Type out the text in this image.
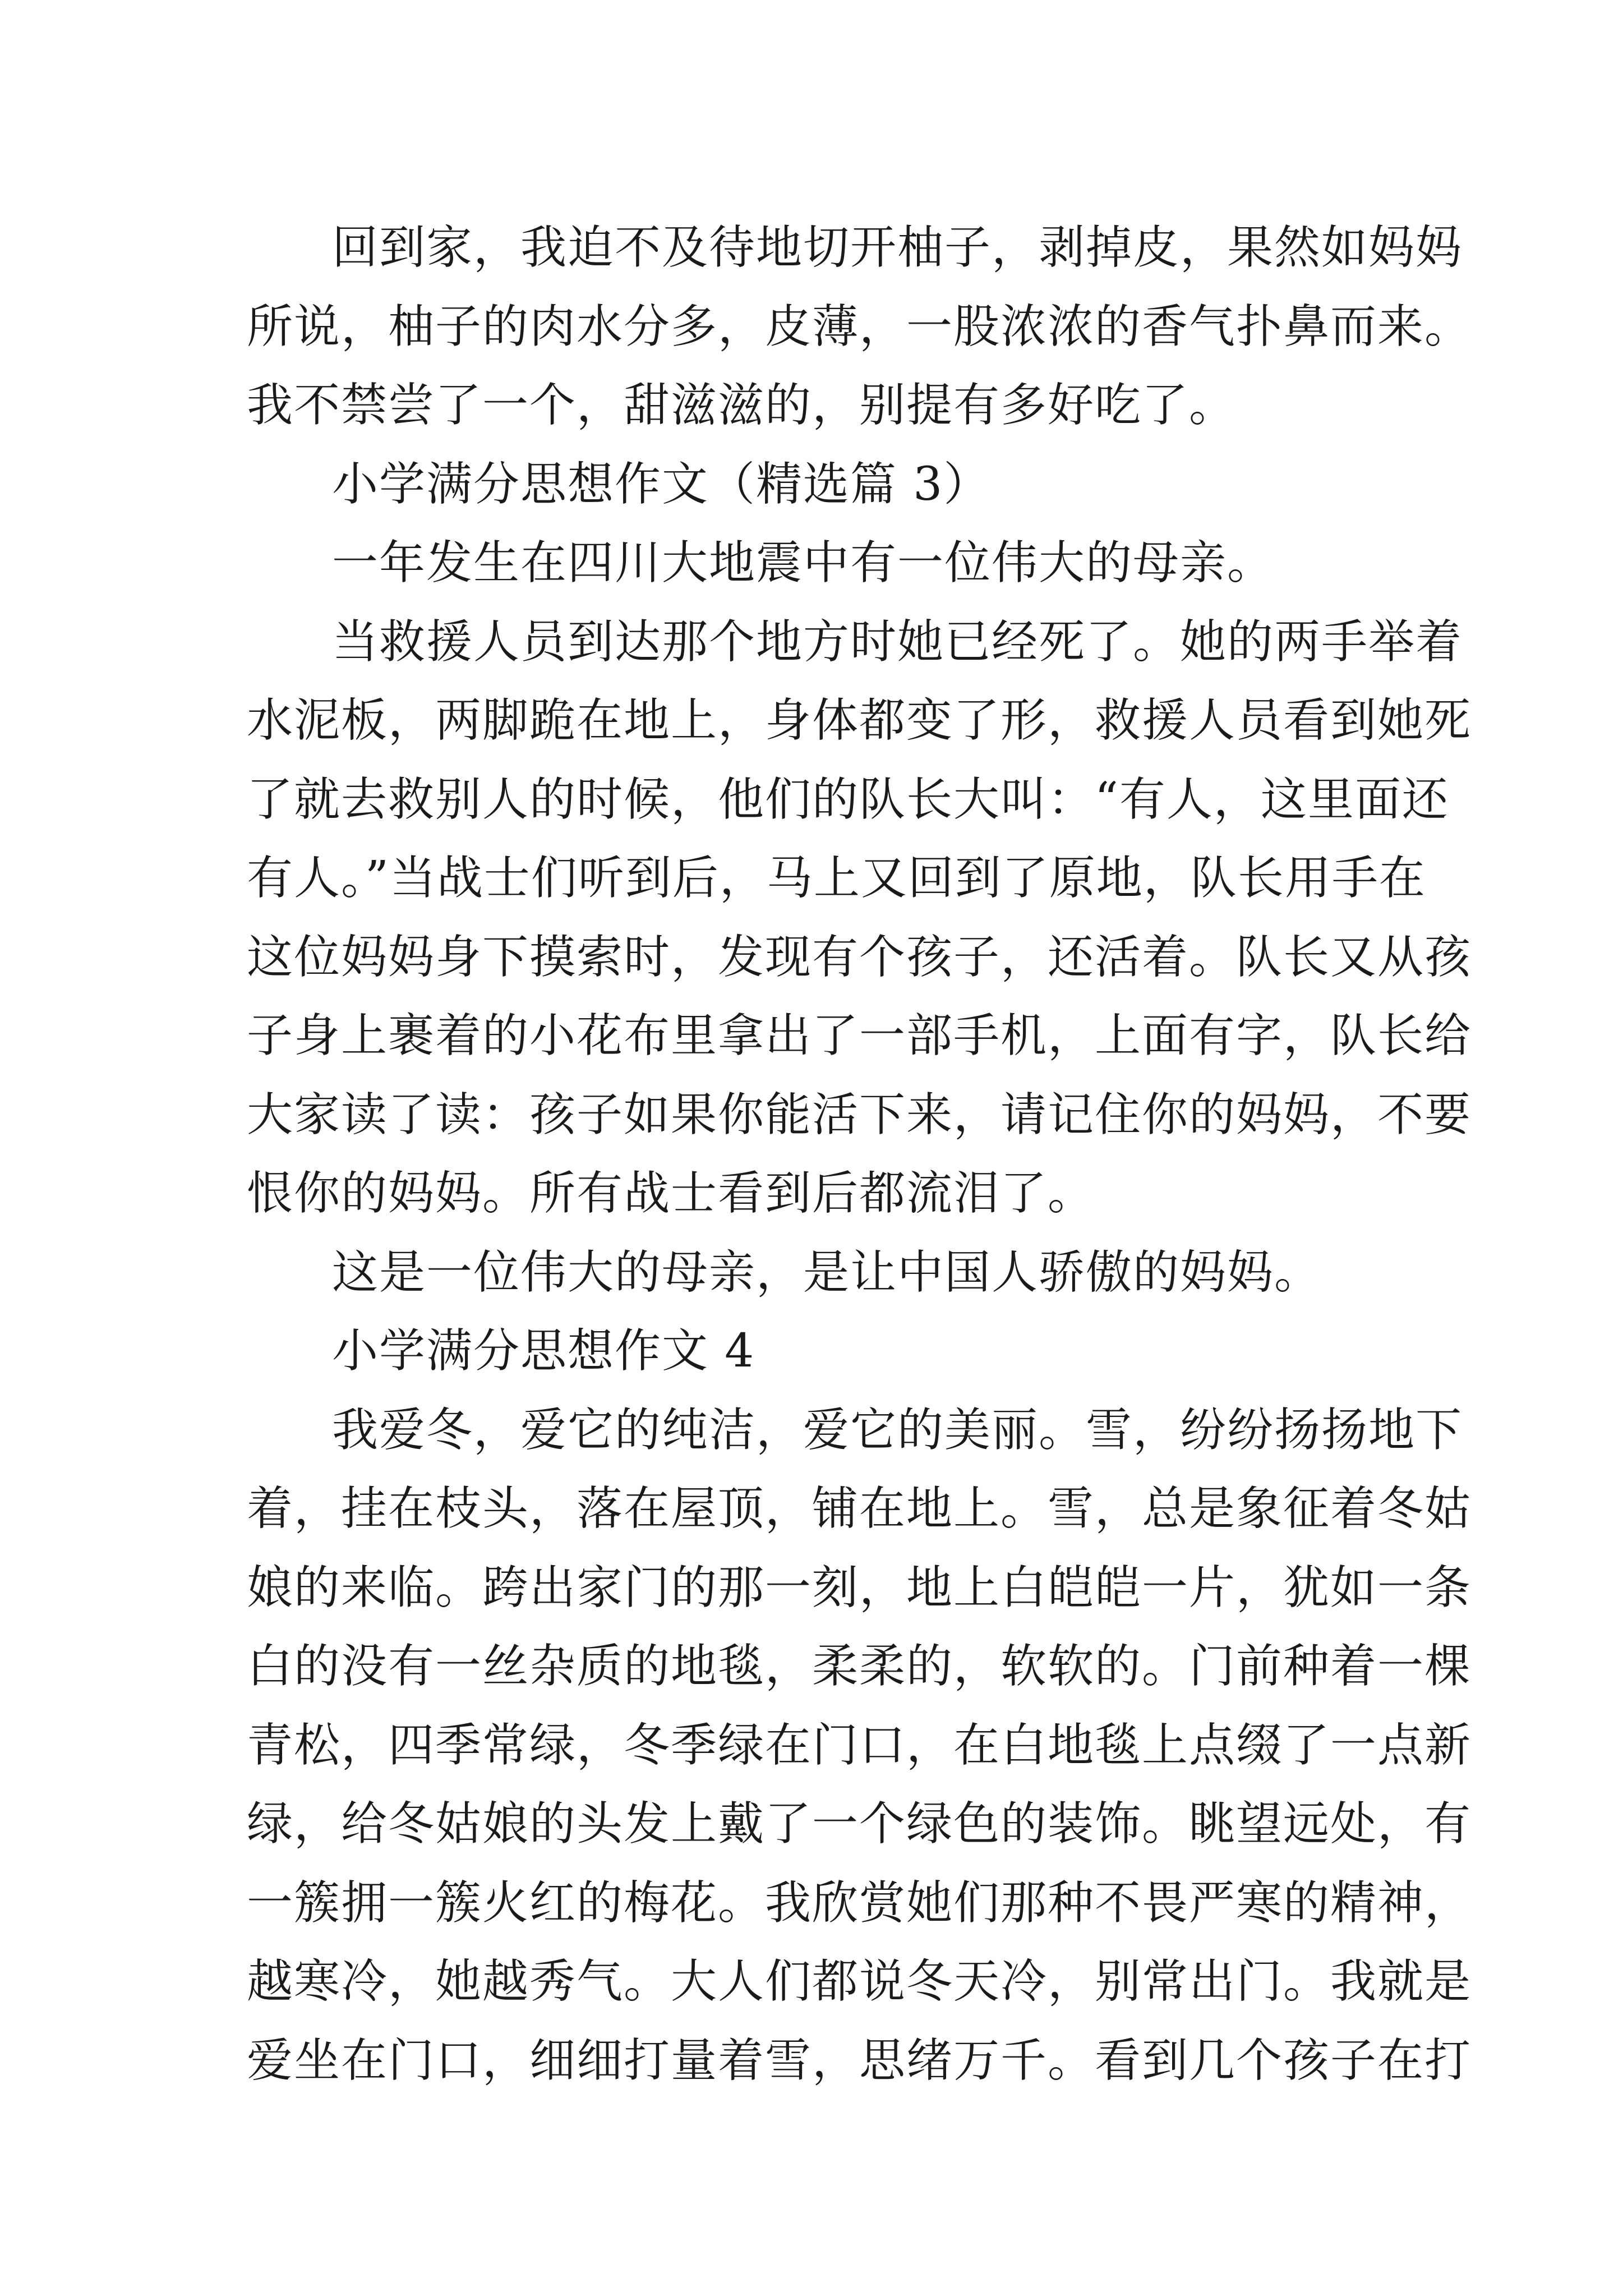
回到家，我迫不及待地切开柚子，剥掉皮，果然如妈妈
所说，柚子的肉水分多，皮薄，一股浓浓的香气扑鼻而来。
我不禁尝了一个，甜滋滋的，别提有多好吃了。
小学满分思想作文（精选篇 3）
一年发生在四川大地震中有一位伟大的母亲。
当救援人员到达那个地方时她已经死了。她的两手举着
水泥板，两脚跪在地上，身体都变了形，救援人员看到她死
了就去救别人的时候，他们的队长大叫：“有人，这里面还
有人。”当战士们听到后，马上又回到了原地，队长用手在
这位妈妈身下摸索时，发现有个孩子，还活着。队长又从孩
子身上裹着的小花布里拿出了一部手机，上面有字，队长给
大家读了读：孩子如果你能活下来，请记住你的妈妈，不要
恨你的妈妈。所有战士看到后都流泪了。
这是一位伟大的母亲，是让中国人骄傲的妈妈。
小学满分思想作文 4
我爱冬，爱它的纯洁，爱它的美丽。雪，纷纷扬扬地下
着，挂在枝头，落在屋顶，铺在地上。雪，总是象征着冬姑
娘的来临。跨出家门的那一刻，地上白皑皑一片，犹如一条
白的没有一丝杂质的地毯，柔柔的，软软的。门前种着一棵
青松，四季常绿，冬季绿在门口，在白地毯上点缀了一点新
绿，给冬姑娘的头发上戴了一个绿色的装饰。眺望远处，有
一簇拥一簇火红的梅花。我欣赏她们那种不畏严寒的精神，
越寒冷，她越秀气。大人们都说冬天冷，别常出门。我就是
爱坐在门口，细细打量着雪，思绪万千。看到几个孩子在打
